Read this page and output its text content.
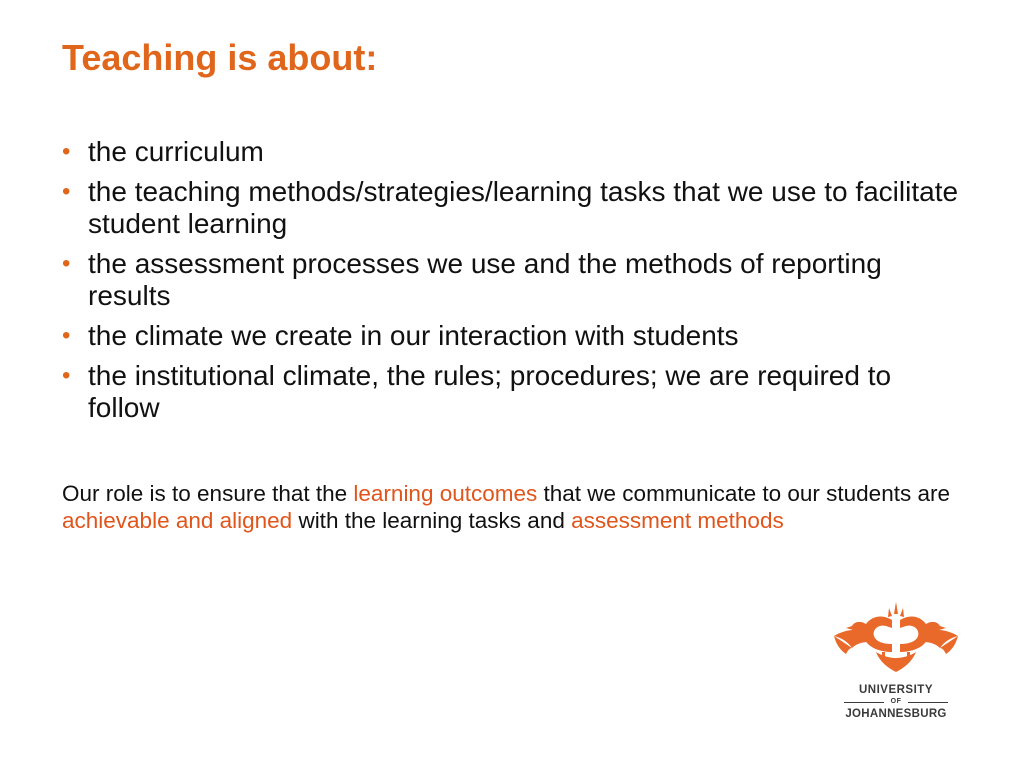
Teaching is about:
• the curriculum
• the teaching methods/strategies/learning tasks that we use to facilitate student learning
• the assessment processes we use and the methods of reporting results
• the climate we create in our interaction with students
• the institutional climate, the rules; procedures; we are required to follow

Our role is to ensure that the learning outcomes that we communicate to our students are achievable and aligned with the learning tasks and assessment methods

UNIVERSITY
OF
JOHANNESBURG
